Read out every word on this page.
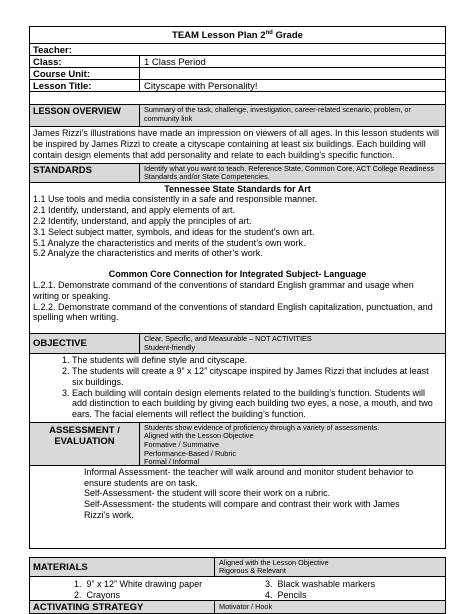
TEAM Lesson Plan 2nd Grade
Teacher:
Class:	1 Class Period
Course Unit:
Lesson Title:	Cityscape with Personality!
LESSON OVERVIEW	Summary of the task, challenge, investigation, career-related scenario, problem, or community link
James Rizzi’s illustrations have made an impression on viewers of all ages. In this lesson students will be inspired by James Rizzi to create a cityscape containing at least six buildings. Each building will contain design elements that add personality and relate to each building’s specific function.
STANDARDS	Identify what you want to teach. Reference State, Common Core, ACT College Readiness Standards and/or State Competencies.

Tennessee State Standards for Art

1.1 Use tools and media consistently in a safe and responsible manner.

2.1 Identify, understand, and apply elements of art.

2.2 Identify, understand, and apply the principles of art.

3.1 Select subject matter, symbols, and ideas for the student’s own art.

5.1 Analyze the characteristics and merits of the student’s own work.

5.2 Analyze the characteristics and merits of other’s work.

Common Core Connection for Integrated Subject- Language

L.2.1. Demonstrate command of the conventions of standard English grammar and usage when writing or speaking.

L.2.2. Demonstrate command of the conventions of standard English capitalization, punctuation, and spelling when writing.

OBJECTIVE	Clear, Specific, and Measurable – NOT ACTIVITIES
Student-friendly
1. The students will define style and cityscape.
2. The students will create a 9” x 12” cityscape inspired by James Rizzi that includes at least six buildings.
3. Each building will contain design elements related to the building’s function. Students will add distinction to each building by giving each building two eyes, a nose, a mouth, and two ears. The facial elements will reflect the building’s function.
ASSESSMENT /
EVALUATION
Students show evidence of proficiency through a variety of assessments.
Aligned with the Lesson Objective
Formative / Summative
Performance-Based / Rubric
Formal / Informal

Informal Assessment- the teacher will walk around and monitor student behavior to ensure students are on task.

Self-Assessment- the student will score their work on a rubric.

Self-Assessment- the students will compare and contrast their work with James Rizzi’s work.

MATERIALS	Aligned with the Lesson Objective
Rigorous & Relevant
1. 9” x 12” White drawing paper
2. Crayons
3. Black washable markers
4. Pencils
ACTIVATING STRATEGY	Motivator / Hook
